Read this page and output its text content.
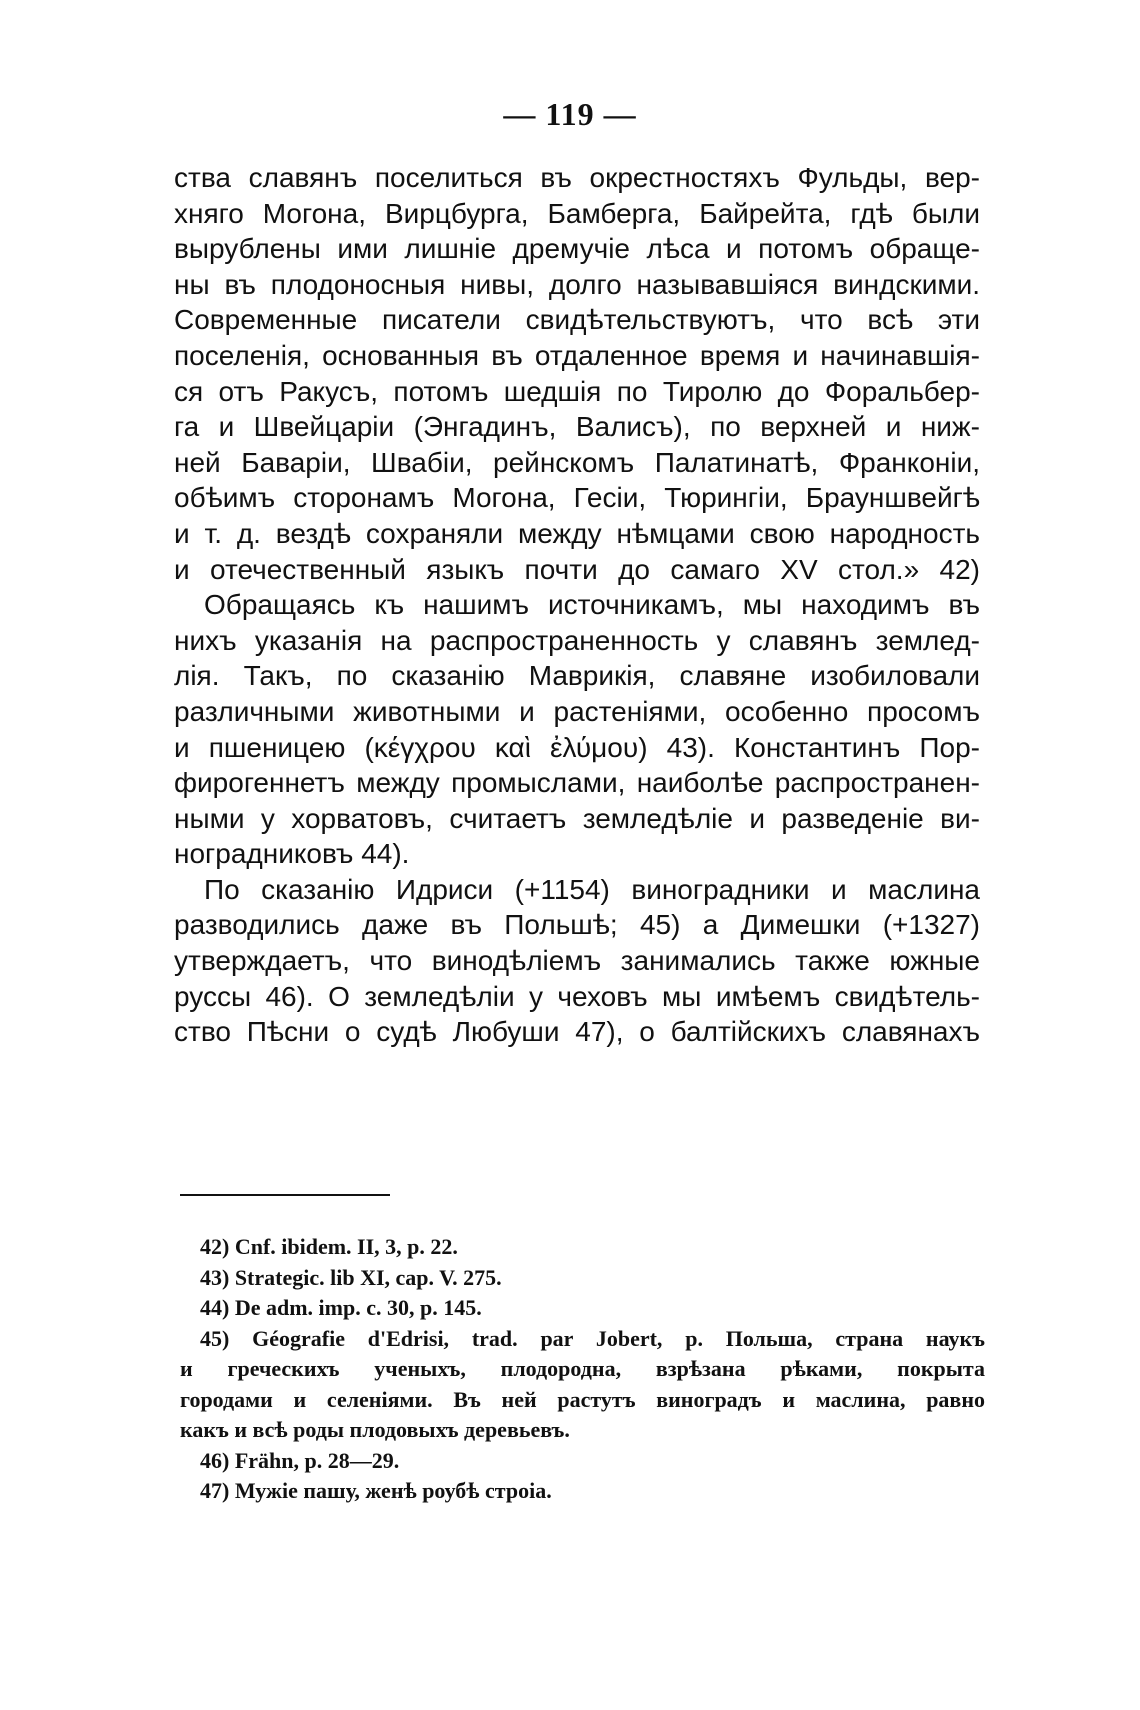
— 119 —
ства славянъ поселиться въ окрестностяхъ Фульды, вер-
хняго Могона, Вирцбурга, Бамберга, Байрейта, гдѣ были
вырублены ими лишніе дремучіе лѣса и потомъ обраще-
ны въ плодоносныя нивы, долго называвшіяся виндскими.
Современные писатели свидѣтельствуютъ, что всѣ эти
поселенія, основанныя въ отдаленное время и начинавшія-
ся отъ Ракусъ, потомъ шедшія по Тиролю до Форальбер-
га и Швейцаріи (Энгадинъ, Валисъ), по верхней и ниж-
ней Баваріи, Швабіи, рейнскомъ Палатинатѣ, Франконіи,
обѣимъ сторонамъ Могона, Гесіи, Тюрингіи, Брауншвейгѣ
и т. д. вездѣ сохраняли между нѣмцами свою народность
и отечественный языкъ почти до самаго XV стол.» 42)
Обращаясь къ нашимъ источникамъ, мы находимъ въ
нихъ указанія на распространенность у славянъ землед-
лія. Такъ, по сказанію Маврикія, славяне изобиловали
различными животными и растеніями, особенно просомъ
и пшеницею (κέγχρου καὶ ἐλύμου) 43). Константинъ Пор-
фирогеннетъ между промыслами, наиболѣе распространен-
ными у хорватовъ, считаетъ земледѣліе и разведеніе ви-
ноградниковъ 44).
По сказанію Идриси (+1154) виноградники и маслина
разводились даже въ Польшѣ; 45) а Димешки (+1327)
утверждаетъ, что винодѣліемъ занимались также южные
руссы 46). О земледѣліи у чеховъ мы имѣемъ свидѣтель-
ство Пѣсни о судѣ Любуши 47), о балтійскихъ славянахъ
42) Cnf. ibidem. II, 3, p. 22.
43) Strategic. lib XI, cap. V. 275.
44) De adm. imp. c. 30, p. 145.
45) Géografie d'Edrisi, trad. par Jobert, p. Польша, страна наукъ
и греческихъ ученыхъ, плодородна, взрѣзана рѣками, покрыта
городами и селеніями. Въ ней растутъ виноградъ и маслина, равно
какъ и всѣ роды плодовыхъ деревьевъ.
46) Frähn, p. 28—29.
47) Мужіе пашу, женѣ роубѣ строіа.
